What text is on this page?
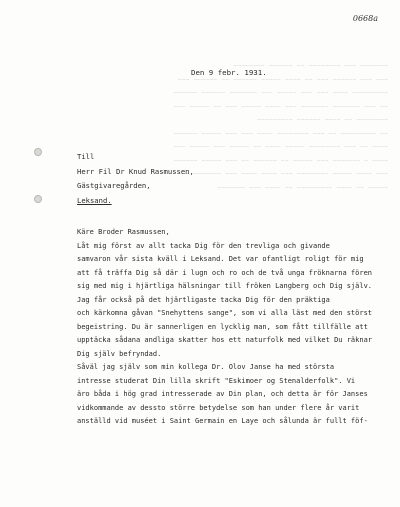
~~~~~~~ ~~~ ~~~~~~~~ ~~ ~~~~~~ ~~~~~~~~
~~~ ~~~ ~~~~~~ ~~~ ~~ ~~~~ ~~~~~ ~~~~~~ ~~ ~~~~~~ ~~~
~~~~~~~~~ ~~~~ ~~~ ~~~ ~~~~~ ~~~ ~~~~~~~ ~~~~~~ ~~~~~~
~~ ~~~ ~~~~~~~ ~~~~~~~ ~~~ ~~~~ ~~~~~ ~~~ ~~ ~~~~~ ~~~
~~~~~~~~ ~~ ~~~~ ~~~~~~ ~~~~~~~~~
~~ ~~~~~~~~~ ~~ ~~~ ~~~~~~~~ ~~~~ ~~~ ~~~ ~~~~~ ~~~~~~
~~~~ ~~ ~~~ ~~~~~~~~ ~~~~~ ~~~~ ~~ ~~~~~ ~~~ ~~~~~ ~~~
~~~~ ~ ~~~~~~~ ~~~ ~~~~~ ~~ ~~~~~~ ~~ ~~~ ~~~~~ ~~~~~~
~~~ ~~~~ ~~~~~ ~~~~~~~~ ~~~ ~~~~ ~~~~ ~~~ ~~~~~~~ ~~~
~~~~~ ~~ ~~~~ ~~~~~~~~~ ~~ ~~~~ ~~~ ~~~~~~~
0668a
Den 9 febr. 1931.
Till
Herr Fil Dr Knud Rasmussen,
Gästgivaregården,
Leksand.
Käre Broder Rasmussen,
Låt mig först av allt tacka Dig för den trevliga och givande
samvaron vår sista kväll i Leksand. Det var ofantligt roligt för mig
att få träffa Dig så där i lugn och ro och de två unga fröknarna fören
sig med mig i hjärtliga hälsningar till fröken Langberg och Dig själv.
Jag får också på det hjärtligaste tacka Dig för den präktiga
och kärkomna gåvan "Snehyttens sange", som vi alla läst med den störst
begeistring. Du är sannerligen en lycklig man, som fått tillfälle att
upptäcka sådana andliga skatter hos ett naturfolk med vilket Du räknar
Dig själv befryndad.
Såväl jag själv som min kollega Dr. Olov Janse ha med största
intresse studerat Din lilla skrift "Eskimoer og Stenalderfolk". Vi
äro båda i hög grad intresserade av Din plan, och detta är för Janses
vidkommande av dessto större betydelse som han under flere år varit
anställd vid muséet i Saint Germain en Laye och sålunda är fullt föf-
